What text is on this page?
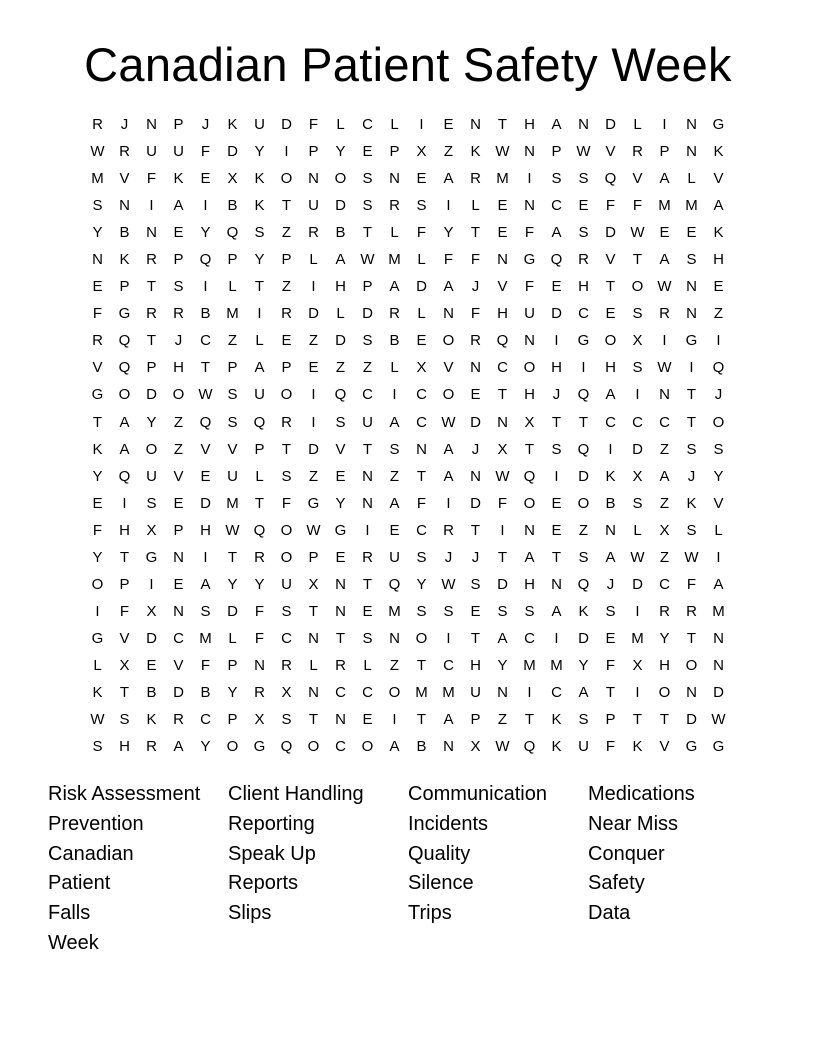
Canadian Patient Safety Week
R	J	N	P	J	K	U	D	F	L	C	L	I	E	N	T	H	A	N	D	L	I	N	G
W R	U	U	F	D	Y	I	P	Y	E	P	X	Z	K W N	P W V	R	P	N	K
M	V	F	K	E	X	K	O	N	O	S	N	E	A	R	M	I	S	S	Q	V	A	L	V
S	N	I	A	I	B	K	T	U	D	S	R	S	I	L	E	N	C	E	F	F	M M	A
Y	B	N	E	Y	Q	S	Z	R	B	T	L	F	Y	T	E	F	A	S	D W E	E	K
N	K	R	P	Q	P	Y	P	L	A W M	L	F	F	N	G	Q	R	V	T	A	S	H
E	P	T	S	I	L	T	Z	I	H	P	A	D	A	J	V	F	E	H	T	O W N	E
F	G	R	R	B	M	I	R	D	L	D	R	L	N	F	H	U	D	C	E	S	R	N	Z
R	Q	T	J	C	Z	L	E	Z	D	S	B	E	O	R	Q	N	I	G	O	X	I	G	I
V	Q	P	H	T	P	A	P	E	Z	Z	L	X	V	N	C	O	H	I	H	S W	I	Q
G	O	D	O W S	U	O	I	Q	C	I	C	O	E	T	H	J	Q	A	I	N	T	J
T	A	Y	Z	Q	S	Q	R	I	S	U	A	C W D	N	X	T	T	C	C	C	T	O
K	A	O	Z	V	V	P	T	D	V	T	S	N	A	J	X	T	S	Q	I	D	Z	S	S
Y	Q	U	V	E	U	L	S	Z	E	N	Z	T	A	N W Q	I	D	K	X	A	J	Y
E	I	S	E	D	M	T	F	G	Y	N	A	F	I	D	F	O	E	O	B	S	Z	K	V
F	H	X	P	H W Q	O W G	I	E	C	R	T	I	N	E	Z	N	L	X	S	L
Y	T	G	N	I	T	R	O	P	E	R	U	S	J	J	T	A	T	S	A W	Z	W	I
O	P	I	E	A	Y	Y	U	X	N	T	Q	Y W S	D	H	N	Q	J	D	C	F	A
I	F	X	N	S	D	F	S	T	N	E	M	S	S	E	S	S	A	K	S	I	R	R	M
G	V	D	C	M	L	F	C	N	T	S	N	O	I	T	A	C	I	D	E	M	Y	T	N
L	X	E	V	F	P	N	R	L	R	L	Z	T	C	H	Y	M M	Y	F	X	H	O	N
K	T	B	D	B	Y	R	X	N	C	C	O M M	U	N	I	C	A	T	I	O	N	D
W S	K	R	C	P	X	S	T	N	E	I	T	A	P	Z	T	K	S	P	T	T	D W
S	H	R	A	Y	O	G	Q	O	C	O	A	B	N	X W Q	K	U	F	K	V	G	G
Risk Assessment
Prevention
Canadian
Patient
Falls
Week
Client Handling
Reporting
Speak Up
Reports
Slips
Communication
Incidents
Quality
Silence
Trips
Medications
Near Miss
Conquer
Safety
Data
